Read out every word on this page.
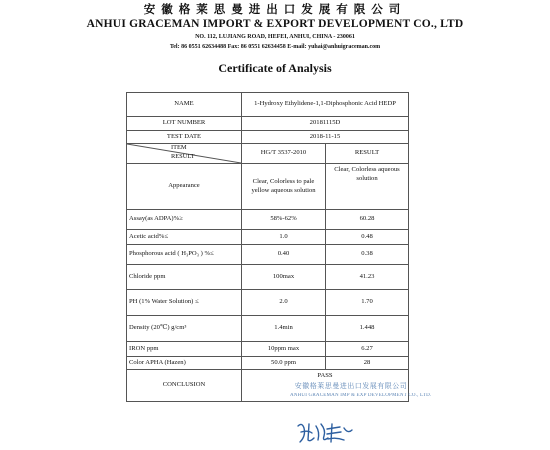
安徽格莱思曼进出口发展有限公司
ANHUI GRACEMAN IMPORT & EXPORT DEVELOPMENT CO., LTD
NO. 112, LUJIANG ROAD, HEFEI, ANHUI, CHINA - 230061
Tel: 86 0551 62634488 Fax: 86 0551 62634458 E-mail: yuhai@anhuigraceman.com
Certificate of Analysis
NAME	1-Hydroxy Ethylidene-1,1-Diphosphonic Acid HEDP	
LOT NUMBER	20181115D	
TEST DATE	2018-11-15	

ITEM
RESULT	HG/T 3537-2010	RESULT
Appearance	Clear, Colorless to pale yellow aqueous solution	Clear, Colorless aqueous solution
Assay(as ADPA)%≥	58%-62%	60.28
Acetic acid%≤	1.0	0.48
Phosphorous acid ( H₃PO₃ ) %≤	0.40	0.38
Chloride ppm	100max	41.23
PH (1% Water Solution) ≤	2.0	1.70
Density (20℃) g/cm³	1.4min	1.448
IRON ppm	10ppm max	6.27
Color APHA (Hazen)	50.0 ppm	28
CONCLUSION	PASS	
安徽格莱思曼进出口发展有限公司
ANHUI GRACEMAN IMP & EXP DEVELOPMENT CO., LTD.
